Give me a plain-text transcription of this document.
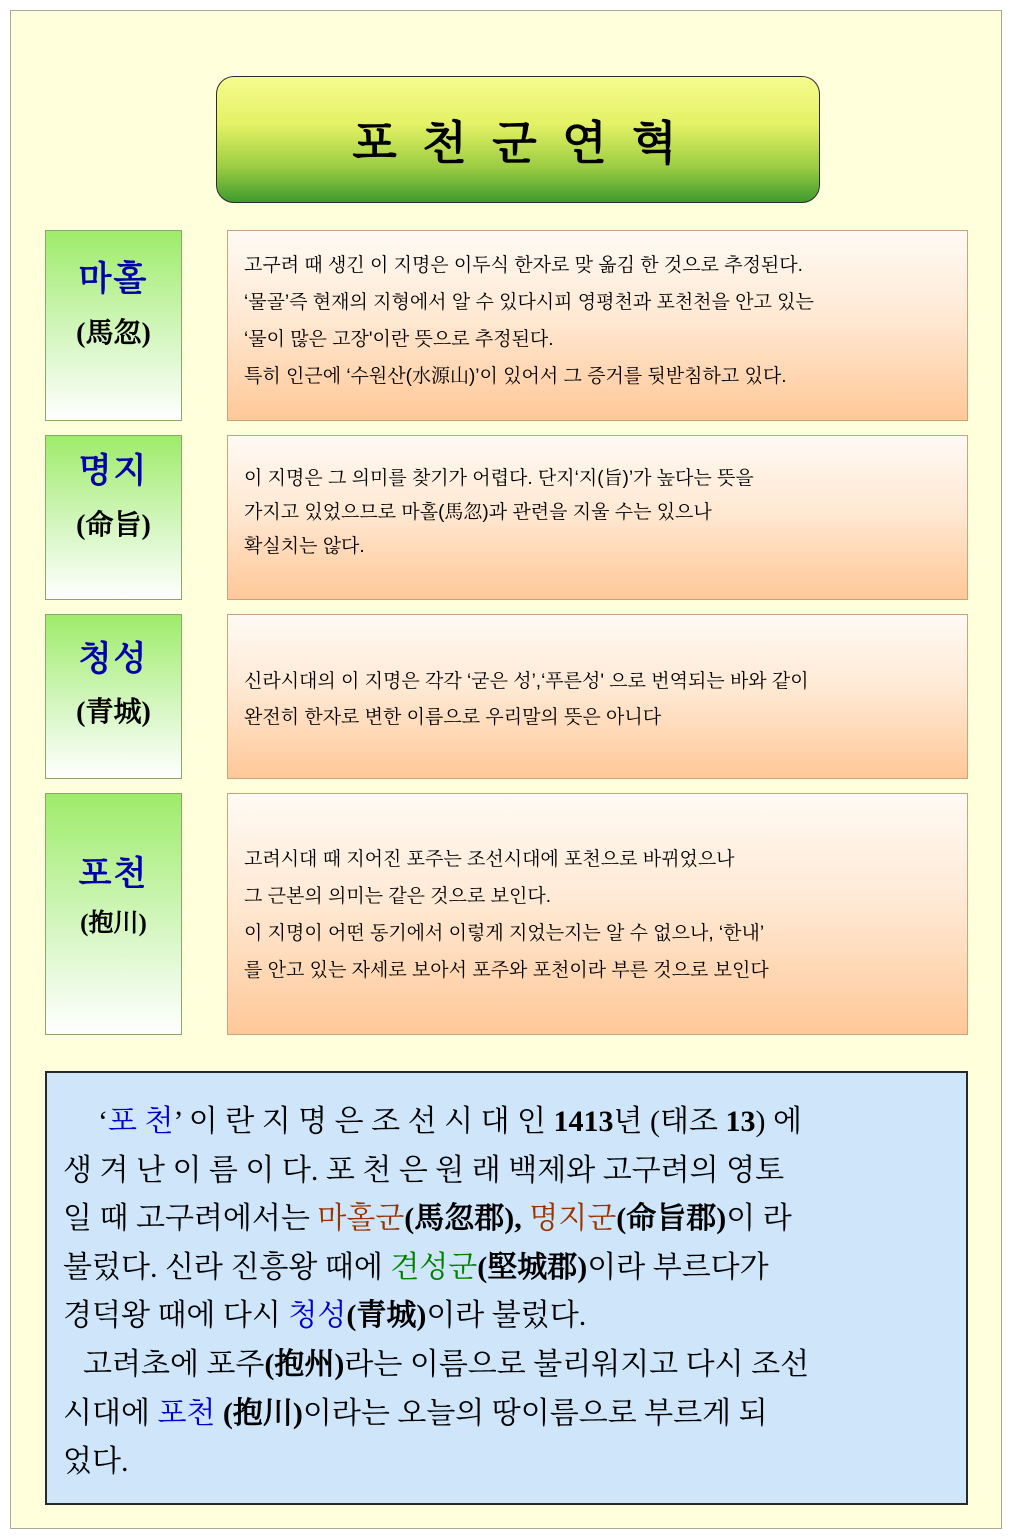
포 천 군 연 혁
마홀
(馬忽)
고구려 때 생긴 이 지명은 이두식 한자로 맞 옮김 한 것으로 추정된다.
‘물골’즉 현재의 지형에서 알 수 있다시피 영평천과 포천천을 안고 있는
‘물이 많은 고장'이란 뜻으로 추정된다.
특히 인근에 ‘수원산(水源山)’이 있어서 그 증거를 뒷받침하고 있다.
명지
(命旨)
이 지명은 그 의미를 찾기가 어렵다. 단지‘지(旨)’가 높다는 뜻을
가지고 있었으므로 마홀(馬忽)과 관련을 지울 수는 있으나
확실치는 않다.
청성
(青城)
신라시대의 이 지명은 각각 ‘굳은 성’,‘푸른성' 으로 번역되는 바와 같이
완전히 한자로 변한 이름으로 우리말의 뜻은 아니다
포천
(抱川)
고려시대 때 지어진 포주는 조선시대에 포천으로 바뀌었으나
그 근본의 의미는 같은 것으로 보인다.
이 지명이 어떤 동기에서 이렇게 지었는지는 알 수 없으나, ‘한내’
를 안고 있는 자세로 보아서 포주와 포천이라 부른 것으로 보인다
‘포 천’ 이 란 지 명 은 조 선 시 대 인 1413년 (태조 13) 에
생 겨 난 이 름 이 다. 포 천 은 원 래 백제와 고구려의 영토
일 때 고구려에서는 마홀군(馬忽郡), 명지군(命旨郡)이 라
불렀다. 신라 진흥왕 때에 견성군(堅城郡)이라 부르다가
경덕왕 때에 다시 청성(青城)이라 불렀다.
고려초에 포주(抱州)라는 이름으로 불리워지고 다시 조선
시대에 포천 (抱川)이라는 오늘의 땅이름으로 부르게 되
었다.
